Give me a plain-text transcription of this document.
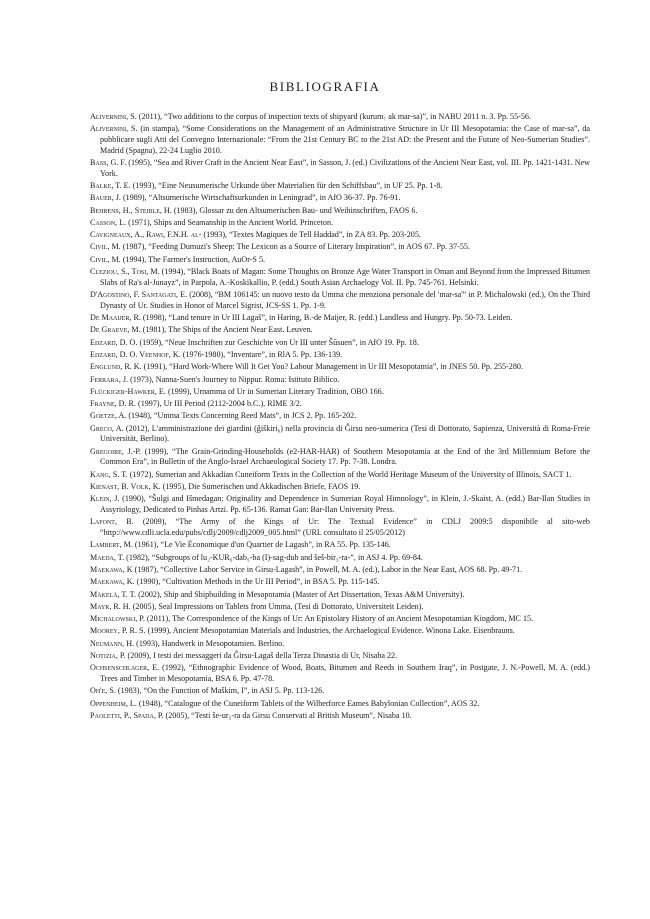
BIBLIOGRAFIA

Alivernini, S. (2011), “Two additions to the corpus of inspection texts of shipyard (kurum₇ ak mar-sa)”, in NABU 2011 n. 3. Pp. 55-56.

Alivernini, S. (in stampa), “Some Considerations on the Management of an Administrative Structure in Ur III Mesopotamia: the Case of mar-sa”, da pubblicare sugli Atti del Convegno Internazionale: “From the 21st Century BC to the 21st AD: the Present and the Future of Neo-Sumerian Studies”. Madrid (Spagna), 22-24 Luglio 2010.

Bass, G. F. (1995), “Sea and River Craft in the Ancient Near East”, in Sasson, J. (ed.) Civilizations of the Ancient Near East, vol. III. Pp. 1421-1431. New York.

Balke, T. E. (1993), “Eine Neusumerische Urkunde über Materialien für den Schiffsbau”, in UF 25. Pp. 1-8.

Bauer, J. (1989), “Altsumerische Wirtschaftsurkunden in Leningrad”, in AfO 36-37. Pp. 76-91.

Behrens, H., Steible, H. (1983), Glossar zu den Altsumerischen Bau- und Weihinschriften, FAOS 6.

Casson, L. (1971), Ships and Seamanship in the Ancient World. Princeton.

Cavigneaux, A., Rawi, F.N.H. al- (1993), “Textes Magiques de Tell Haddad”, in ZA 83. Pp. 203-205.

Civil, M. (1987), “Feeding Dumuzi's Sheep: The Lexicon as a Source of Literary Inspiration”, in AOS 67. Pp. 37-55.

Civil, M. (1994), The Farmer's Instruction, AuOr-S 5.

Cleziou, S., Tosi, M. (1994), “Black Boats of Magan: Some Thoughts on Bronze Age Water Transport in Oman and Beyond from the Impressed Bitumen Slabs of Ra's al-Junayz”, in Parpola, A.-Koskikallio, P. (edd.) South Asian Archaelogy Vol. II. Pp. 745-761. Helsinki.

D'Agostino, F. Santagati, E. (2008), “BM 106145: un nuovo testo da Umma che menziona personale del 'mar-sa'” in P. Michalowski (ed.), On the Third Dynasty of Ur. Studies in Honor of Marcel Sigrist, JCS-SS 1. Pp. 1-9.

De Maaijer, R. (1998), “Land tenure in Ur III Lagaš”, in Haring, B.-de Maijer, R. (edd.) Landless and Hungry. Pp. 50-73. Leiden.

De Graeve, M. (1981), The Ships of the Ancient Near East. Leuven.

Edzard, D. O. (1959), “Neue Inschriften zur Geschichte von Ur III unter Šūsuen”, in AfO 19. Pp. 18.

Edzard, D. O. Veenhof, K. (1976-1980), “Inventare”, in RlA 5. Pp. 136-139.

Englund, R. K. (1991), “Hard Work-Where Will It Get You? Labour Management in Ur III Mesopotamia”, in JNES 50. Pp. 255-280.

Ferrara, J. (1973), Nanna-Suen's Journey to Nippur. Roma: Istituto Biblico.

Flückiger-Hawker, E. (1999), Urnamma of Ur in Sumerian Literary Tradition, OBO 166.

Frayne, D. R. (1997), Ur III Period (2112-2004 b.C.), RIME 3/2.

Goetze, A. (1948), “Umma Texts Concerning Reed Mats”, in JCS 2. Pp. 165-202.

Greco, A. (2012), L'amministrazione dei giardini (ĝiškiri₆) nella provincia di Ĝirsu neo-sumerica (Tesi di Dottorato, Sapienza, Università di Roma-Freie Universität, Berlino).

Gregoire, J.-P. (1999), “The Grain-Grinding-Households (e2-HAR-HAR) of Southern Mesopotamia at the End of the 3rd Millennium Before the Common Era”, in Bulletin of the Anglo-Israel Archaeological Society 17. Pp. 7-38. Londra.

Kang, S. T. (1972), Sumerian and Akkadian Cuneiform Texts in the Collection of the World Heritage Museum of the University of Illinois, SACT 1.

Kienast, B. Volk, K. (1995), Die Sumerischen und Akkadischen Briefe, FAOS 19.

Klein, J. (1990), “Šulgi and Išmedagan: Originality and Dependence in Sumerian Royal Himnology”, in Klein, J.-Skaist, A. (edd.) Bar-Ilan Studies in Assyriology, Dedicated to Pinhas Artzi. Pp. 65-136. Ramat Gan: Bar-Ilan University Press.

Lafont, B. (2009), “The Army of the Kings of Ur: The Textual Evidence” in CDLJ 2009:5 disponibile al sito-web “http://www.cdli.ucla.edu/pubs/cdlj/2009/cdlj2009_005.html” (URL consultato il 25/05/2012)

Lambert, M. (1961), “Le Vie Économique d'un Quartier de Lagash”, in RA 55. Pp. 135-146.

Maeda, T. (1982), “Subgroups of lu₂-KUR₆-dab₅-ba (I)-sag-dub and šeš-bir₃-ra-”, in ASJ 4. Pp. 69-84.

Maekawa, K (1987), “Collective Labor Service in Girsu-Lagash”, in Powell, M. A. (ed.), Labor in the Near East, AOS 68. Pp. 49-71.

Maekawa, K. (1990), “Cultivation Methods in the Ur III Period”, in BSA 5. Pp. 115-145.

Mäkelä, T. T. (2002), Ship and Shipbuilding in Mesopotamia (Master of Art Dissertation, Texas A&M University).

Mayr, R. H. (2005), Seal Impressions on Tablets from Umma, (Tesi di Dottorato, Universiteit Leiden).

Michalowski, P. (2011), The Correspondence of the Kings of Ur: An Epistolary History of an Ancient Mesopotamian Kingdom, MC 15.

Moorey, P. R. S. (1999), Ancient Mesopotamian Materials and Industries, the Archaelogical Evidence. Winona Lake. Eisenbrauns.

Neumann, H. (1993), Handwerk in Mesopotamien. Berlino.

Notizia, P. (2009), I testi dei messaggeri da Ĝirsu-Lagaš della Terza Dinastia di Ur, Nisaba 22.

Ochsenschlager, E. (1992), “Ethnographic Evidence of Wood, Boats, Bitumen and Reeds in Southern Iraq”, in Postgate, J. N.-Powell, M. A. (edd.) Trees and Timber in Mesopotamia, BSA 6. Pp. 47-78.

Oh'e, S. (1983), “On the Function of Maškim, I”, in ASJ 5. Pp. 113-126.

Oppenheim, L. (1948), “Catalogue of the Cuneiform Tablets of the Wilberforce Eames Babylonian Collection”, AOS 32.

Paoletti, P., Spada, P. (2005), “Testi še-ur₅-ra da Girsu Conservati al British Museum”, Nisaba 10.
